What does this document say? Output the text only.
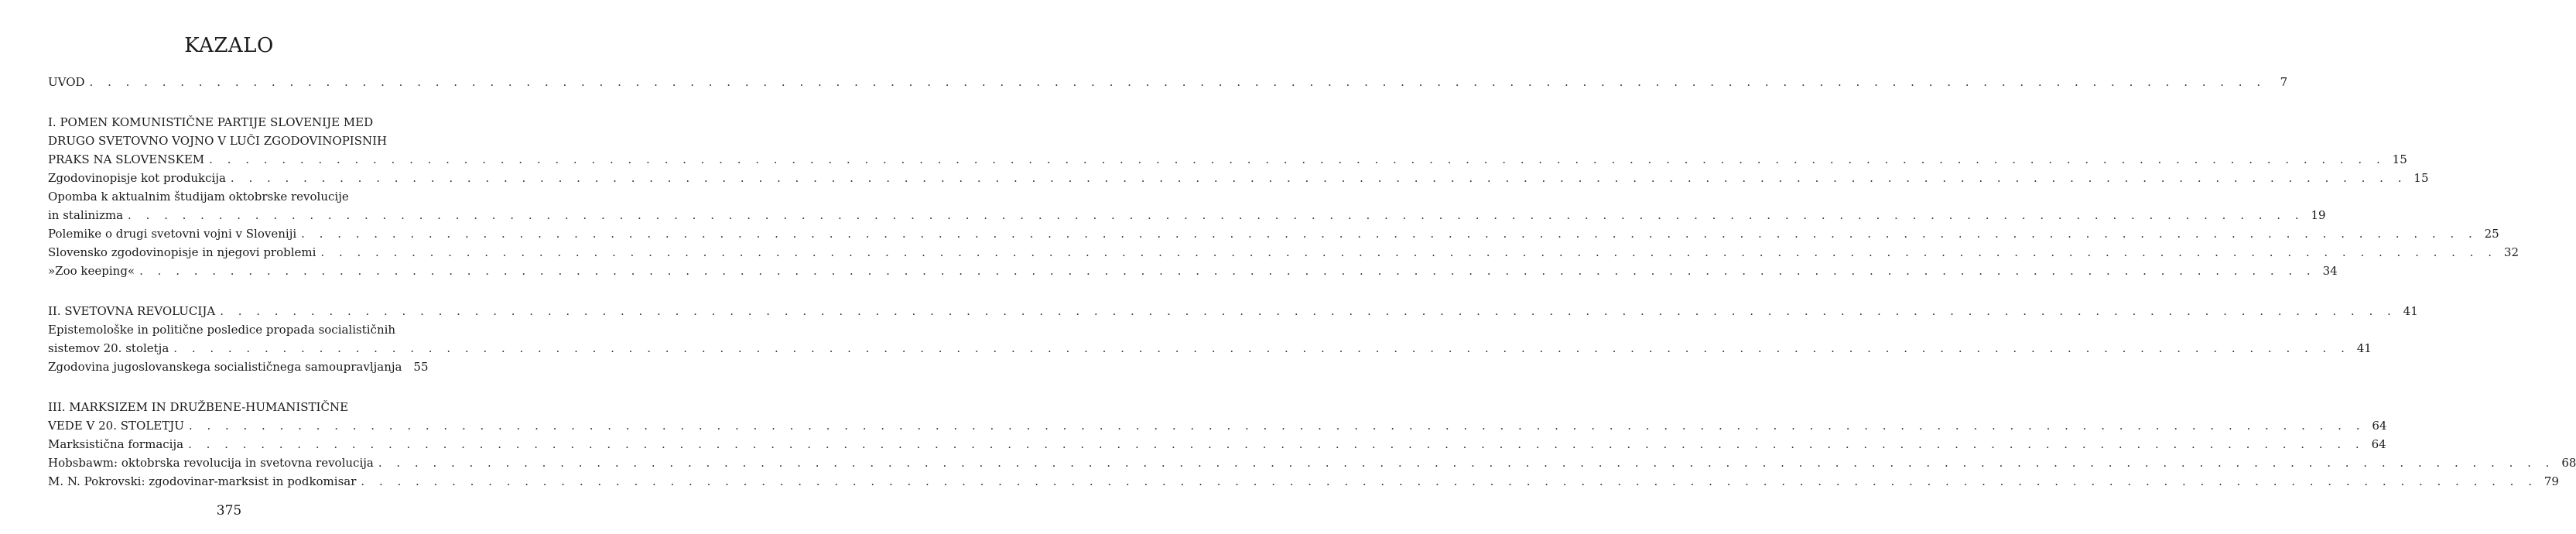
KAZALO
UVOD . . . . . . . . . . . . . . . . . . . . . . . . . . . . . . . . . . . . . . . . . . . . . . . . . . . . . . . . . . . . . . . . . . . . . . . . . . . . . . . . . . . . . . . . . . . . . . . . . . . . . . . . . . . . . . . . . . . . . . . .	7
I. POMEN KOMUNISTIČNE PARTIJE SLOVENIJE MED
DRUGO SVETOVNO VOJNO V LUČI ZGODOVINOPISNIH
PRAKS NA SLOVENSKEM . . . . . . . . . . . . . . . . . . . . . . . . . . . . . . . . . . . . . . . . . . . . . . . . . . . . . . . . . . . . . . . . . . . . . . . . . . . . . . . . . . . . . . . . . . . . . . . . . . . . . . . . . . . . . . . . . . . . . . . . 15
Zgodovinopisje kot produkcija . . . . . . . . . . . . . . . . . . . . . . . . . . . . . . . . . . . . . . . . . . . . . . . . . . . . . . . . . . . . . . . . . . . . . . . . . . . . . . . . . . . . . . . . . . . . . . . . . . . . . . . . . . . . . . . . . . . . . . . . 15
Opomba k aktualnim študijam oktobrske revolucije
in stalinizma . . . . . . . . . . . . . . . . . . . . . . . . . . . . . . . . . . . . . . . . . . . . . . . . . . . . . . . . . . . . . . . . . . . . . . . . . . . . . . . . . . . . . . . . . . . . . . . . . . . . . . . . . . . . . . . . . . . . . . . . 19
Polemike o drugi svetovni vojni v Sloveniji . . . . . . . . . . . . . . . . . . . . . . . . . . . . . . . . . . . . . . . . . . . . . . . . . . . . . . . . . . . . . . . . . . . . . . . . . . . . . . . . . . . . . . . . . . . . . . . . . . . . . . . . . . . . . . . . . . . . . . . . 25
Slovensko zgodovinopisje in njegovi problemi . . . . . . . . . . . . . . . . . . . . . . . . . . . . . . . . . . . . . . . . . . . . . . . . . . . . . . . . . . . . . . . . . . . . . . . . . . . . . . . . . . . . . . . . . . . . . . . . . . . . . . . . . . . . . . . . . . . . . . . . 32
»Zoo keeping« . . . . . . . . . . . . . . . . . . . . . . . . . . . . . . . . . . . . . . . . . . . . . . . . . . . . . . . . . . . . . . . . . . . . . . . . . . . . . . . . . . . . . . . . . . . . . . . . . . . . . . . . . . . . . . . . . . . . . . . . 34
II. SVETOVNA REVOLUCIJA . . . . . . . . . . . . . . . . . . . . . . . . . . . . . . . . . . . . . . . . . . . . . . . . . . . . . . . . . . . . . . . . . . . . . . . . . . . . . . . . . . . . . . . . . . . . . . . . . . . . . . . . . . . . . . . . . . . . . . . . 41
Epistemološke in politične posledice propada socialističnih
sistemov 20. stoletja . . . . . . . . . . . . . . . . . . . . . . . . . . . . . . . . . . . . . . . . . . . . . . . . . . . . . . . . . . . . . . . . . . . . . . . . . . . . . . . . . . . . . . . . . . . . . . . . . . . . . . . . . . . . . . . . . . . . . . . . 41
Zgodovina jugoslovanskega socialističnega samoupravljanja 55
III. MARKSIZEM IN DRUŽBENE-HUMANISTIČNE
VEDE V 20. STOLETJU . . . . . . . . . . . . . . . . . . . . . . . . . . . . . . . . . . . . . . . . . . . . . . . . . . . . . . . . . . . . . . . . . . . . . . . . . . . . . . . . . . . . . . . . . . . . . . . . . . . . . . . . . . . . . . . . . . . . . . . . 64
Marksistična formacija . . . . . . . . . . . . . . . . . . . . . . . . . . . . . . . . . . . . . . . . . . . . . . . . . . . . . . . . . . . . . . . . . . . . . . . . . . . . . . . . . . . . . . . . . . . . . . . . . . . . . . . . . . . . . . . . . . . . . . . . 64
Hobsbawm: oktobrska revolucija in svetovna revolucija . . . . . . . . . . . . . . . . . . . . . . . . . . . . . . . . . . . . . . . . . . . . . . . . . . . . . . . . . . . . . . . . . . . . . . . . . . . . . . . . . . . . . . . . . . . . . . . . . . . . . . . . . . . . . . . . . . . . . . . . 68
M. N. Pokrovski: zgodovinar-marksist in podkomisar . . . . . . . . . . . . . . . . . . . . . . . . . . . . . . . . . . . . . . . . . . . . . . . . . . . . . . . . . . . . . . . . . . . . . . . . . . . . . . . . . . . . . . . . . . . . . . . . . . . . . . . . . . . . . . . . . . . . . . . . 79
375
